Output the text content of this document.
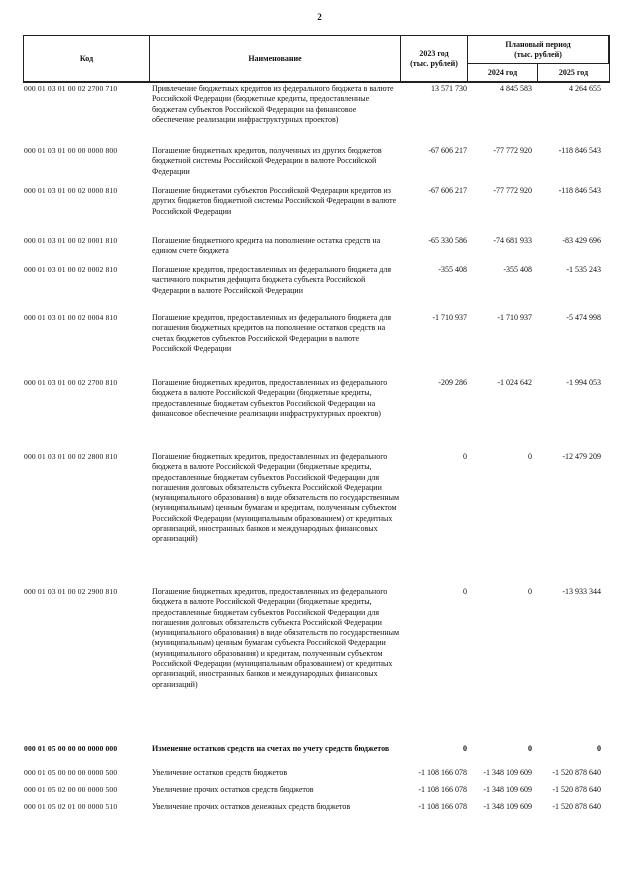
2
Код	Наименование
2023 год
(тыс. рублей)
Плановый период
(тыс. рублей)
2024 год	2025 год
000 01 03 01 00 02 2700 710	Привлечение бюджетных кредитов из федерального бюджета в валюте Российской Федерации (бюджетные кредиты, предоставленные бюджетам субъектов Российской Федерации на финансовое обеспечение реализации инфраструктурных проектов)
13 571 730	4 845 583	4 264 655
000 01 03 01 00 00 0000 800	Погашение бюджетных кредитов, полученных из других бюджетов бюджетной системы Российской Федерации в валюте Российской Федерации
-67 606 217	-77 772 920	-118 846 543
000 01 03 01 00 02 0000 810	Погашение бюджетами субъектов Российской Федерации кредитов из других бюджетов бюджетной системы Российской Федерации в валюте Российской Федерации
-67 606 217	-77 772 920	-118 846 543
000 01 03 01 00 02 0001 810	Погашение бюджетного кредита на пополнение остатка средств на едином счете бюджета
-65 330 586	-74 681 933	-83 429 696
000 01 03 01 00 02 0002 810	Погашение кредитов, предоставленных из федерального бюджета для частичного покрытия дефицита бюджета субъекта Российской Федерации в валюте Российской Федерации
-355 408	-355 408	-1 535 243
000 01 03 01 00 02 0004 810	Погашение кредитов, предоставленных из федерального бюджета для погашения бюджетных кредитов на пополнение остатков средств на счетах бюджетов субъектов Российской Федерации в валюте Российской Федерации
-1 710 937	-1 710 937	-5 474 998
000 01 03 01 00 02 2700 810	Погашение бюджетных кредитов, предоставленных из федерального бюджета в валюте Российской Федерации (бюджетные кредиты, предоставленные бюджетам субъектов Российской Федерации на финансовое обеспечение реализации инфраструктурных проектов)
-209 286	-1 024 642	-1 994 053
000 01 03 01 00 02 2800 810	Погашение бюджетных кредитов, предоставленных из федерального бюджета в валюте Российской Федерации (бюджетные кредиты, предоставленные бюджетам субъектов Российской Федерации для погашения долговых обязательств субъекта Российской Федерации (муниципального образования) в виде обязательств по государственным (муниципальным) ценным бумагам и кредитам, полученным субъектом Российской Федерации (муниципальным образованием) от кредитных организаций, иностранных банков и международных финансовых организаций)
0	0	-12 479 209
000 01 03 01 00 02 2900 810	Погашение бюджетных кредитов, предоставленных из федерального бюджета в валюте Российской Федерации (бюджетные кредиты, предоставленные бюджетам субъектов Российской Федерации для погашения долговых обязательств субъекта Российской Федерации (муниципального образования) в виде обязательств по государственным (муниципальным) ценным бумагам субъекта Российской Федерации (муниципального образования) и кредитам, полученным субъектом Российской Федерации (муниципальным образованием) от кредитных организаций, иностранных банков и международных финансовых организаций)
0	0	-13 933 344
000 01 05 00 00 00 0000 000	Изменение остатков средств на счетах по учету средств бюджетов	0	0	0
000 01 05 00 00 00 0000 500	Увеличение остатков средств бюджетов	-1 108 166 078 -1 348 109 609	-1 520 878 640
000 01 05 02 00 00 0000 500	Увеличение прочих остатков средств бюджетов	-1 108 166 078 -1 348 109 609	-1 520 878 640
000 01 05 02 01 00 0000 510	Увеличение прочих остатков денежных средств бюджетов	-1 108 166 078 -1 348 109 609	-1 520 878 640
